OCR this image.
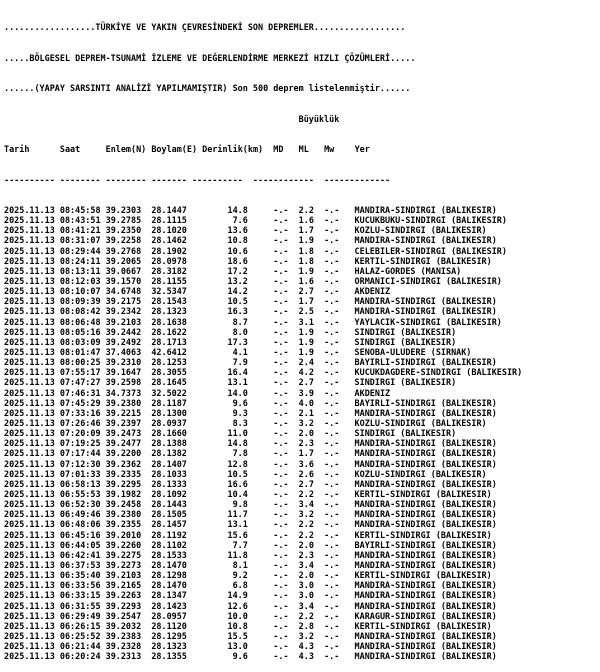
..................TÜRKİYE VE YAKIN ÇEVRESİNDEKİ SON DEPREMLER..................

.....BÖLGESEL DEPREM-TSUNAMİ İZLEME VE DEĞERLENDİRME MERKEZİ HIZLI ÇÖZÜMLERİ.....

......(YAPAY SARSINTI ANALİZİ YAPILMAMIŞTIR) Son 500 deprem listelenmiştir......

Büyüklük

Tarih      Saat     Enlem(N) Boylam(E) Derinlik(km)  MD   ML   Mw    Yer

---------- -------- -------- ------- ----------  ------------  -------------

2025.11.13 08:45:58 39.2303  28.1447        14.8     -.-  2.2  -.-   MANDIRA-SINDIRGI (BALIKESIR)
2025.11.13 08:43:51 39.2785  28.1115         7.6     -.-  1.6  -.-   KUCUKBUKU-SINDIRGI (BALIKESIR)
2025.11.13 08:41:21 39.2350  28.1020        13.6     -.-  1.7  -.-   KOZLU-SINDIRGI (BALIKESIR)
2025.11.13 08:31:07 39.2258  28.1462        10.8     -.-  1.9  -.-   MANDIRA-SINDIRGI (BALIKESIR)
2025.11.13 08:29:44 39.2768  28.1902        10.6     -.-  1.8  -.-   CELEBILER-SINDIRGI (BALIKESIR)
2025.11.13 08:24:11 39.2065  28.0978        18.6     -.-  1.8  -.-   KERTIL-SINDIRGI (BALIKESIR)
2025.11.13 08:13:11 39.0667  28.3182        17.2     -.-  1.9  -.-   HALAZ-GORDES (MANISA)
2025.11.13 08:12:03 39.1570  28.1155        13.2     -.-  1.6  -.-   ORMANICI-SINDIRGI (BALIKESIR)
2025.11.13 08:10:07 34.6748  32.5347        14.2     -.-  2.7  -.-   AKDENIZ
2025.11.13 08:09:39 39.2175  28.1543        10.5     -.-  1.7  -.-   MANDIRA-SINDIRGI (BALIKESIR)
2025.11.13 08:08:42 39.2342  28.1323        16.3     -.-  2.5  -.-   MANDIRA-SINDIRGI (BALIKESIR)
2025.11.13 08:06:48 39.2103  28.1638         8.7     -.-  3.1  -.-   YAYLACIK-SINDIRGI (BALIKESIR)
2025.11.13 08:05:16 39.2442  28.1622         8.0     -.-  1.9  -.-   SINDIRGI (BALIKESIR)
2025.11.13 08:03:09 39.2492  28.1713        17.3     -.-  1.9  -.-   SINDIRGI (BALIKESIR)
2025.11.13 08:01:47 37.4063  42.6412         4.1     -.-  1.9  -.-   SENOBA-ULUDERE (SIRNAK)
2025.11.13 08:00:25 39.2310  28.1253         7.9     -.-  2.4  -.-   BAYIRLI-SINDIRGI (BALIKESIR)
2025.11.13 07:55:17 39.1647  28.3055        16.4     -.-  4.2  -.-   KUCUKDAGDERE-SINDIRGI (BALIKESIR)
2025.11.13 07:47:27 39.2598  28.1645        13.1     -.-  2.7  -.-   SINDIRGI (BALIKESIR)
2025.11.13 07:46:31 34.7373  32.5022        14.0     -.-  3.9  -.-   AKDENIZ
2025.11.13 07:45:29 39.2380  28.1187         9.6     -.-  4.0  -.-   BAYIRLI-SINDIRGI (BALIKESIR)
2025.11.13 07:33:16 39.2215  28.1300         9.3     -.-  2.1  -.-   MANDIRA-SINDIRGI (BALIKESIR)
2025.11.13 07:26:46 39.2397  28.0937         8.3     -.-  3.2  -.-   KOZLU-SINDIRGI (BALIKESIR)
2025.11.13 07:20:09 39.2473  28.1660        11.0     -.-  2.0  -.-   SINDIRGI (BALIKESIR)
2025.11.13 07:19:25 39.2477  28.1388        14.8     -.-  2.3  -.-   MANDIRA-SINDIRGI (BALIKESIR)
2025.11.13 07:17:44 39.2200  28.1382         7.8     -.-  1.7  -.-   MANDIRA-SINDIRGI (BALIKESIR)
2025.11.13 07:12:30 39.2362  28.1407        12.8     -.-  3.6  -.-   MANDIRA-SINDIRGI (BALIKESIR)
2025.11.13 07:01:33 39.2335  28.1033        10.5     -.-  2.6  -.-   KOZLU-SINDIRGI (BALIKESIR)
2025.11.13 06:58:13 39.2295  28.1333        16.6     -.-  2.7  -.-   MANDIRA-SINDIRGI (BALIKESIR)
2025.11.13 06:55:53 39.1982  28.1092        10.4     -.-  2.2  -.-   KERTIL-SINDIRGI (BALIKESIR)
2025.11.13 06:52:30 39.2458  28.1443         9.8     -.-  3.4  -.-   MANDIRA-SINDIRGI (BALIKESIR)
2025.11.13 06:49:46 39.2380  28.1505        11.7     -.-  3.2  -.-   MANDIRA-SINDIRGI (BALIKESIR)
2025.11.13 06:48:06 39.2355  28.1457        13.1     -.-  2.2  -.-   MANDIRA-SINDIRGI (BALIKESIR)
2025.11.13 06:45:16 39.2010  28.1192        15.6     -.-  2.2  -.-   KERTIL-SINDIRGI (BALIKESIR)
2025.11.13 06:44:05 39.2260  28.1102         7.7     -.-  2.0  -.-   BAYIRLI-SINDIRGI (BALIKESIR)
2025.11.13 06:42:41 39.2275  28.1533        11.8     -.-  2.3  -.-   MANDIRA-SINDIRGI (BALIKESIR)
2025.11.13 06:37:53 39.2273  28.1470         8.1     -.-  3.4  -.-   MANDIRA-SINDIRGI (BALIKESIR)
2025.11.13 06:35:40 39.2103  28.1298         9.2     -.-  2.0  -.-   KERTIL-SINDIRGI (BALIKESIR)
2025.11.13 06:33:56 39.2165  28.1470         6.8     -.-  3.0  -.-   MANDIRA-SINDIRGI (BALIKESIR)
2025.11.13 06:33:15 39.2263  28.1347        14.9     -.-  3.0  -.-   MANDIRA-SINDIRGI (BALIKESIR)
2025.11.13 06:31:55 39.2293  28.1423        12.6     -.-  3.4  -.-   MANDIRA-SINDIRGI (BALIKESIR)
2025.11.13 06:29:49 39.2547  28.0957        10.0     -.-  2.2  -.-   KARAGUR-SINDIRGI (BALIKESIR)
2025.11.13 06:26:15 39.2032  28.1120        10.8     -.-  2.8  -.-   KERTIL-SINDIRGI (BALIKESIR)
2025.11.13 06:25:52 39.2383  28.1295        15.5     -.-  3.2  -.-   MANDIRA-SINDIRGI (BALIKESIR)
2025.11.13 06:21:44 39.2328  28.1323        13.0     -.-  4.3  -.-   MANDIRA-SINDIRGI (BALIKESIR)
2025.11.13 06:20:24 39.2313  28.1355         9.6     -.-  4.3  -.-   MANDIRA-SINDIRGI (BALIKESIR)
